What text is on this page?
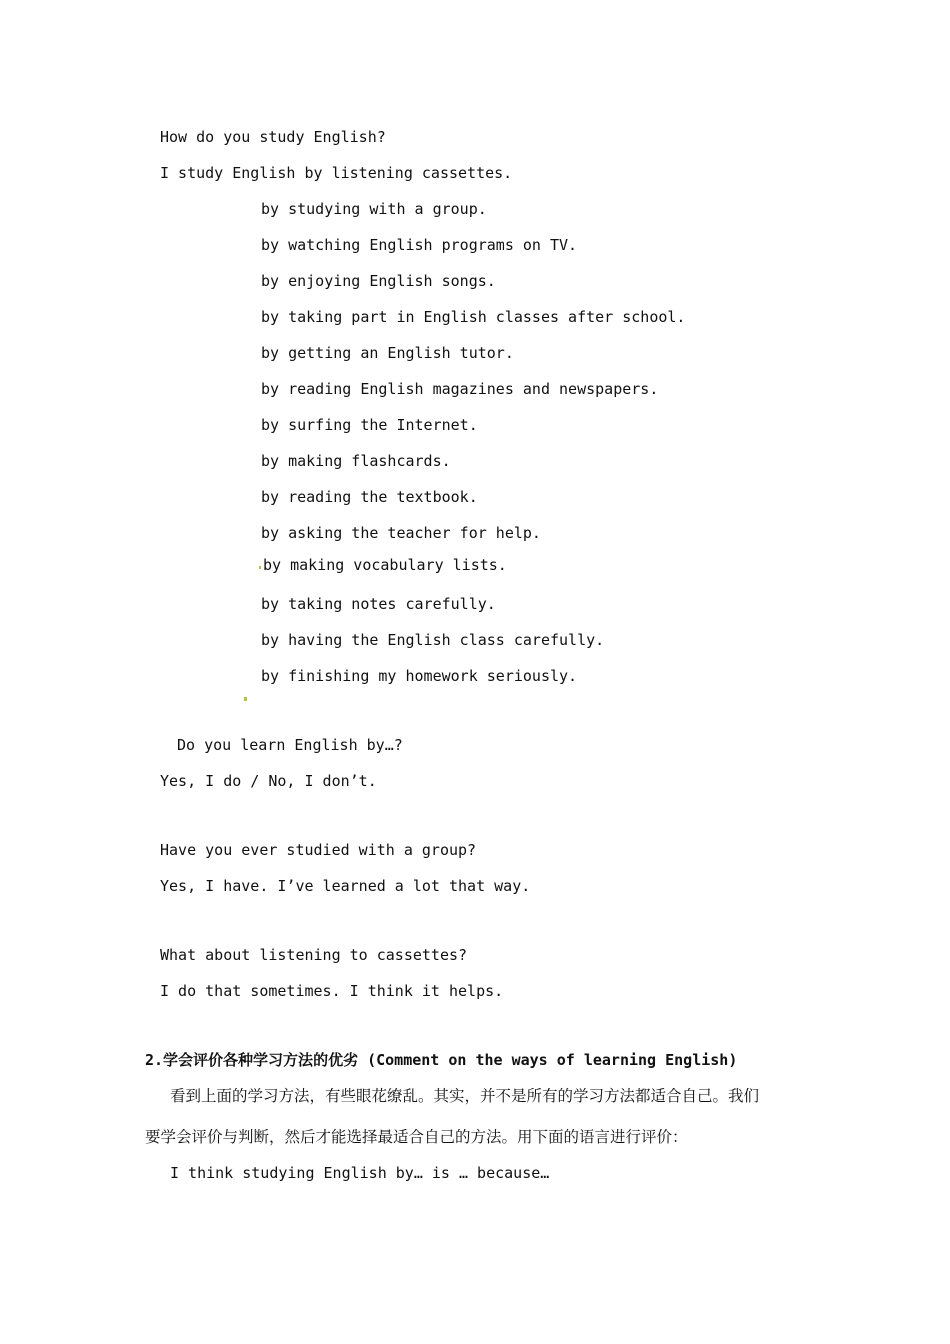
How do you study English?
I study English by listening cassettes.
by studying with a group.
by watching English programs on TV.
by enjoying English songs.
by taking part in English classes after school.
by getting an English tutor.
by reading English magazines and newspapers.
by surfing the Internet.
by making flashcards.
by reading the textbook.
by asking the teacher for help.
by making vocabulary lists.
by taking notes carefully.
by having the English class carefully.
by finishing my homework seriously.
Do you learn English by…?
Yes, I do / No, I don’t.
Have you ever studied with a group?
Yes, I have. I’ve learned a lot that way.
What about listening to cassettes?
I do that sometimes. I think it helps.
2.学会评价各种学习方法的优劣 (Comment on the ways of learning English)
看到上面的学习方法，有些眼花缭乱。其实，并不是所有的学习方法都适合自己。我们
要学会评价与判断，然后才能选择最适合自己的方法。用下面的语言进行评价：
I think studying English by… is … because…
